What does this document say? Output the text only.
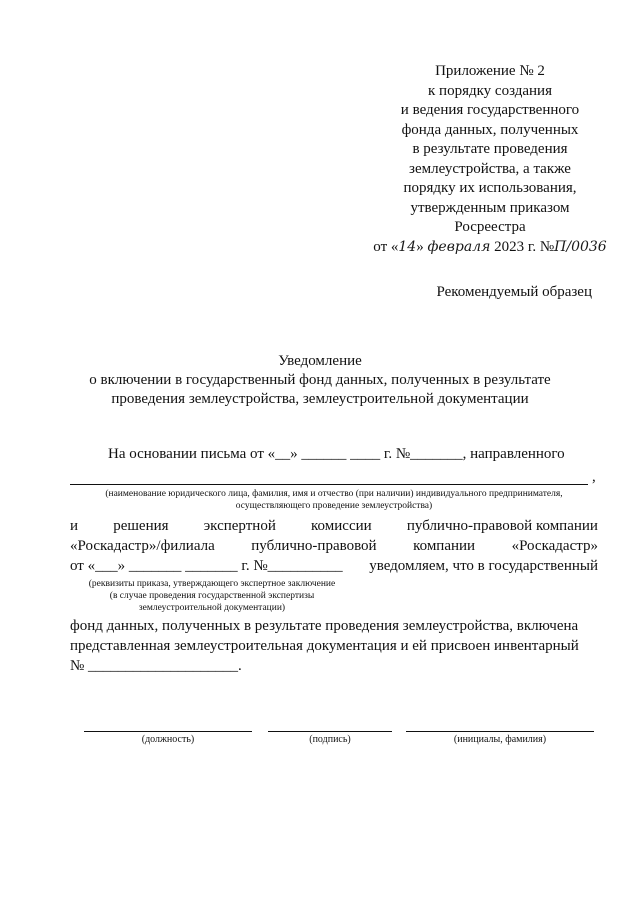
Приложение № 2
к порядку создания
и ведения государственного
фонда данных, полученных
в результате проведения
землеустройства, а также
порядку их использования,
утвержденным приказом
Росреестра
от «14» февраля 2023 г. №П/0036
Рекомендуемый образец
Уведомление
о включении в государственный фонд данных, полученных в результате
проведения землеустройства, землеустроительной документации
На основании письма от «__» ______ ____ г. №_______, направленного
,
(наименование юридического лица, фамилия, имя и отчество (при наличии) индивидуального предпринимателя,
осуществляющего проведение землеустройства)
и решения экспертной комиссии публично-правовой компании
«Роскадастр»/филиала публично-правовой компании «Роскадастр»
от «___» _______ _______ г. №__________ уведомляем, что в государственный
(реквизиты приказа, утверждающего экспертное заключение
(в случае проведения государственной экспертизы
землеустроительной документации)
фонд данных, полученных в результате проведения землеустройства, включена
представленная землеустроительная документация и ей присвоен инвентарный
№ ____________________.
(должность)	(подпись)	(инициалы, фамилия)
